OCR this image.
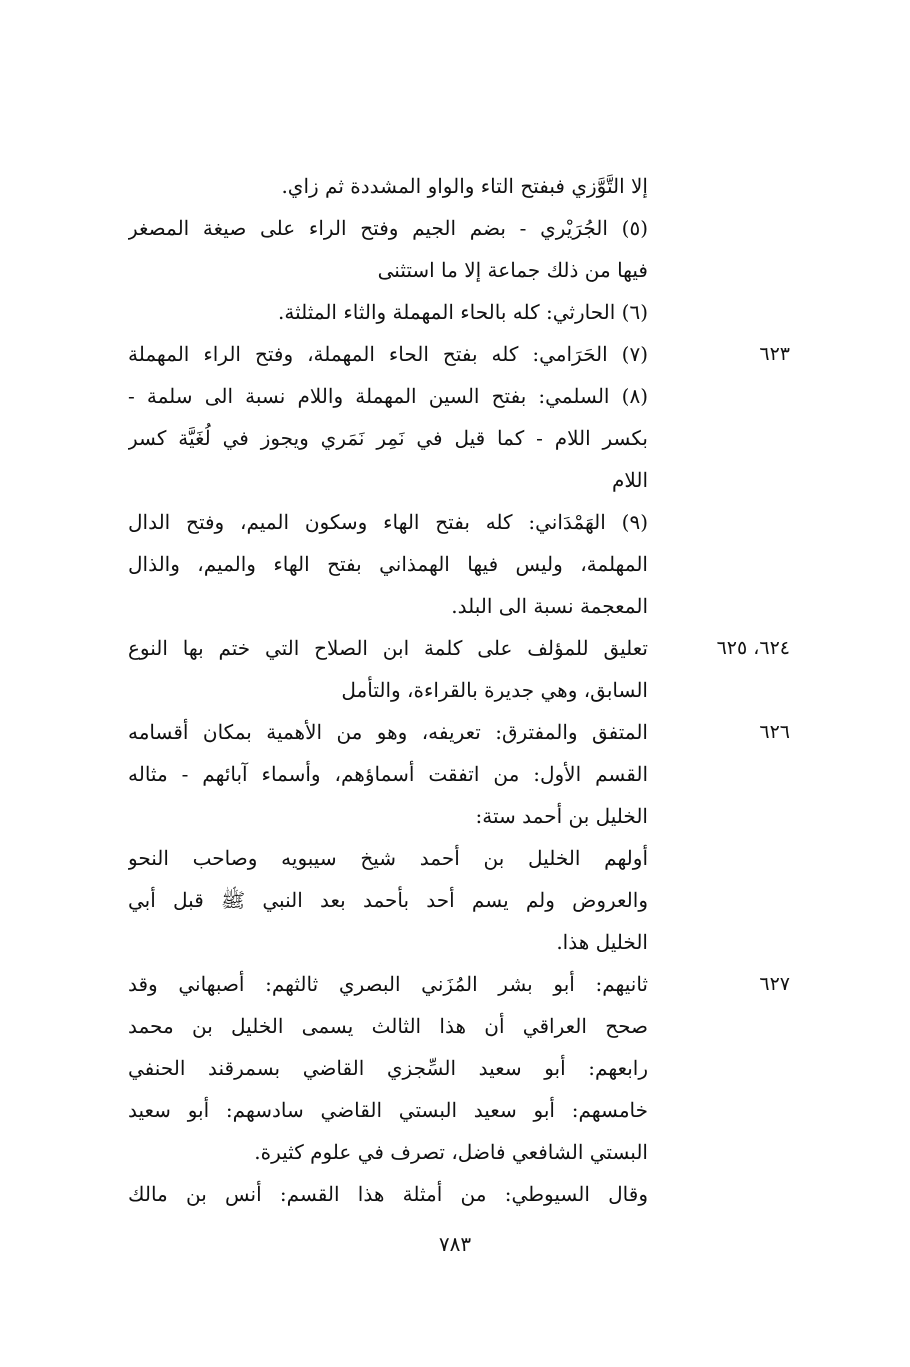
٦٢٣
٦٢٤، ٦٢٥
٦٢٦
٦٢٧
إلا التَّوَّزي فبفتح التاء والواو المشددة ثم زاي.
(٥) الجُرَيْري - بضم الجيم وفتح الراء على صيغة المصغر
فيها من ذلك جماعة إلا ما استثنى
(٦) الحارثي: كله بالحاء المهملة والثاء المثلثة.
(٧) الحَرَامي: كله بفتح الحاء المهملة، وفتح الراء المهملة
(٨) السلمي: بفتح السين المهملة واللام نسبة الى سلمة -
بكسر اللام - كما قيل في نَمِر نَمَري ويجوز في لُغَيَّة كسر
اللام
(٩) الهَمْدَاني: كله بفتح الهاء وسكون الميم، وفتح الدال
المهلمة، وليس فيها الهمذاني بفتح الهاء والميم، والذال
المعجمة نسبة الى البلد.
تعليق للمؤلف على كلمة ابن الصلاح التي ختم بها النوع
السابق، وهي جديرة بالقراءة، والتأمل
المتفق والمفترق: تعريفه، وهو من الأهمية بمكان أقسامه
القسم الأول: من اتفقت أسماؤهم، وأسماء آبائهم - مثاله
الخليل بن أحمد ستة:
أولهم الخليل بن أحمد شيخ سيبويه وصاحب النحو
والعروض ولم يسم أحد بأحمد بعد النبي ﷺ قبل أبي
الخليل هذا.
ثانيهم: أبو بشر المُزَني البصري ثالثهم: أصبهاني وقد
صحح العراقي أن هذا الثالث يسمى الخليل بن محمد
رابعهم: أبو سعيد السِّجزي القاضي بسمرقند الحنفي
خامسهم: أبو سعيد البستي القاضي سادسهم: أبو سعيد
البستي الشافعي فاضل، تصرف في علوم كثيرة.
وقال السيوطي: من أمثلة هذا القسم: أنس بن مالك
٧٨٣
